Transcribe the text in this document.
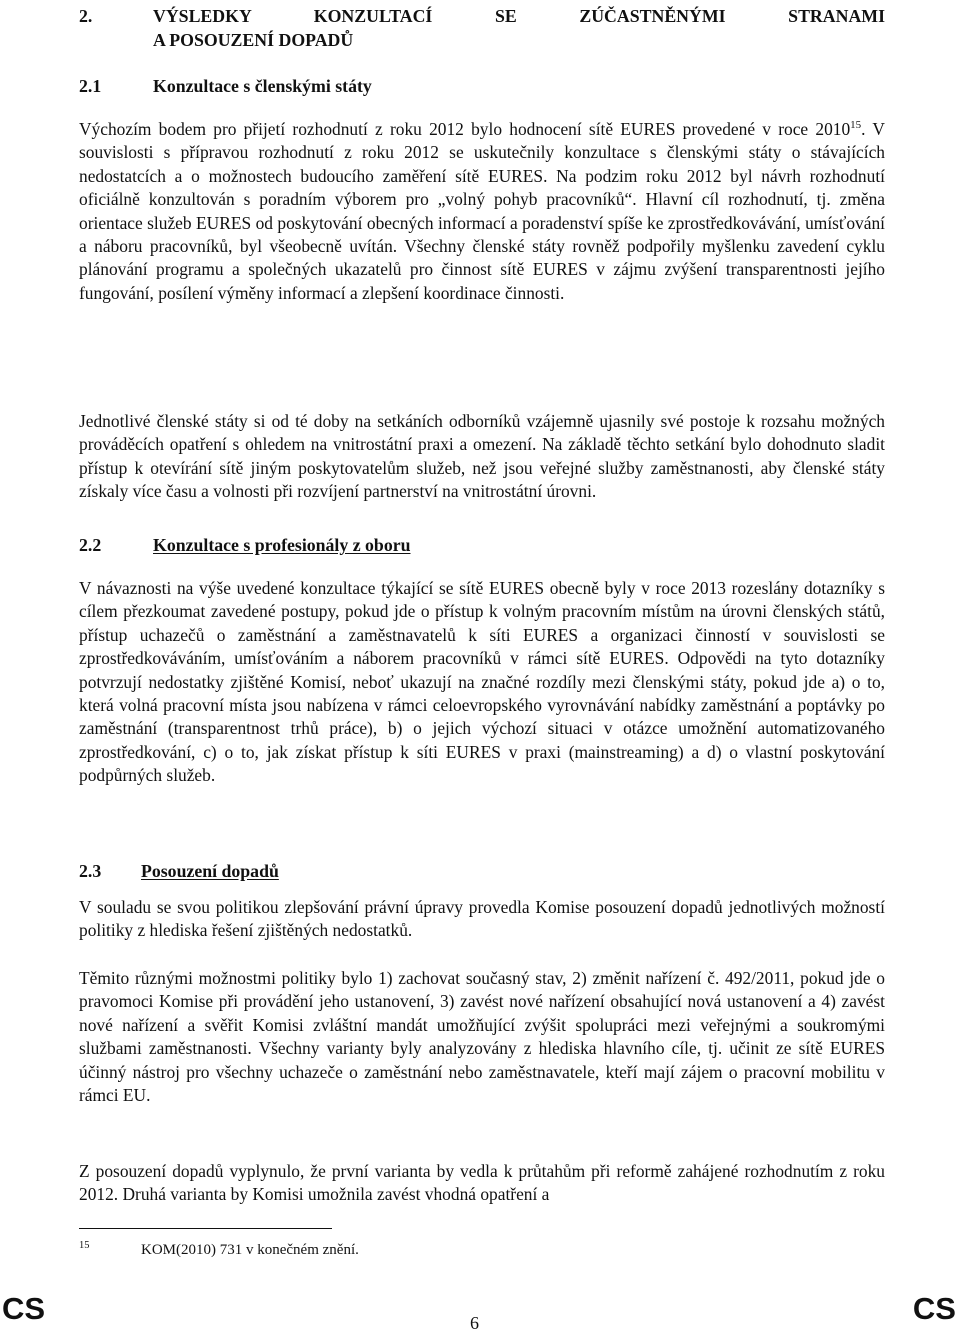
2.	VÝSLEDKY KONZULTACÍ SE ZÚČASTNĚNÝMI STRANAMI
A POSOUZENÍ DOPADŮ
2.1	Konzultace s členskými státy

Výchozím bodem pro přijetí rozhodnutí z roku 2012 bylo hodnocení sítě EURES provedené v roce 2010$^{15}$. V souvislosti s přípravou rozhodnutí z roku 2012 se uskutečnily konzultace s členskými státy o stávajících nedostatcích a o možnostech budoucího zaměření sítě EURES. Na podzim roku 2012 byl návrh rozhodnutí oficiálně konzultován s poradním výborem pro „volný pohyb pracovníků“. Hlavní cíl rozhodnutí, tj. změna orientace služeb EURES od poskytování obecných informací a poradenství spíše ke zprostředkovávání, umísťování a náboru pracovníků, byl všeobecně uvítán. Všechny členské státy rovněž podpořily myšlenku zavedení cyklu plánování programu a společných ukazatelů pro činnost sítě EURES v zájmu zvýšení transparentnosti jejího fungování, posílení výměny informací a zlepšení koordinace činnosti.

Jednotlivé členské státy si od té doby na setkáních odborníků vzájemně ujasnily své postoje k rozsahu možných prováděcích opatření s ohledem na vnitrostátní praxi a omezení. Na základě těchto setkání bylo dohodnuto sladit přístup k otevírání sítě jiným poskytovatelům služeb, než jsou veřejné služby zaměstnanosti, aby členské státy získaly více času a volnosti při rozvíjení partnerství na vnitrostátní úrovni.

2.2	Konzultace s profesionály z oboru

V návaznosti na výše uvedené konzultace týkající se sítě EURES obecně byly v roce 2013 rozeslány dotazníky s cílem přezkoumat zavedené postupy, pokud jde o přístup k volným pracovním místům na úrovni členských států, přístup uchazečů o zaměstnání a zaměstnavatelů k síti EURES a organizaci činností v souvislosti se zprostředkováváním, umísťováním a náborem pracovníků v rámci sítě EURES. Odpovědi na tyto dotazníky potvrzují nedostatky zjištěné Komisí, neboť ukazují na značné rozdíly mezi členskými státy, pokud jde a) o to, která volná pracovní místa jsou nabízena v rámci celoevropského vyrovnávání nabídky zaměstnání a poptávky po zaměstnání (transparentnost trhů práce), b) o jejich výchozí situaci v otázce umožnění automatizovaného zprostředkování, c) o to, jak získat přístup k síti EURES v praxi (mainstreaming) a d) o vlastní poskytování podpůrných služeb.

2.3	Posouzení dopadů

V souladu se svou politikou zlepšování právní úpravy provedla Komise posouzení dopadů jednotlivých možností politiky z hlediska řešení zjištěných nedostatků.

Těmito různými možnostmi politiky bylo 1) zachovat současný stav, 2) změnit nařízení č. 492/2011, pokud jde o pravomoci Komise při provádění jeho ustanovení, 3) zavést nové nařízení obsahující nová ustanovení a 4) zavést nové nařízení a svěřit Komisi zvláštní mandát umožňující zvýšit spolupráci mezi veřejnými a soukromými službami zaměstnanosti. Všechny varianty byly analyzovány z hlediska hlavního cíle, tj. učinit ze sítě EURES účinný nástroj pro všechny uchazeče o zaměstnání nebo zaměstnavatele, kteří mají zájem o pracovní mobilitu v rámci EU.

Z posouzení dopadů vyplynulo, že první varianta by vedla k průtahům při reformě zahájené rozhodnutím z roku 2012. Druhá varianta by Komisi umožnila zavést vhodná opatření a

15	KOM(2010) 731 v konečném znění.
CS	6	CS
